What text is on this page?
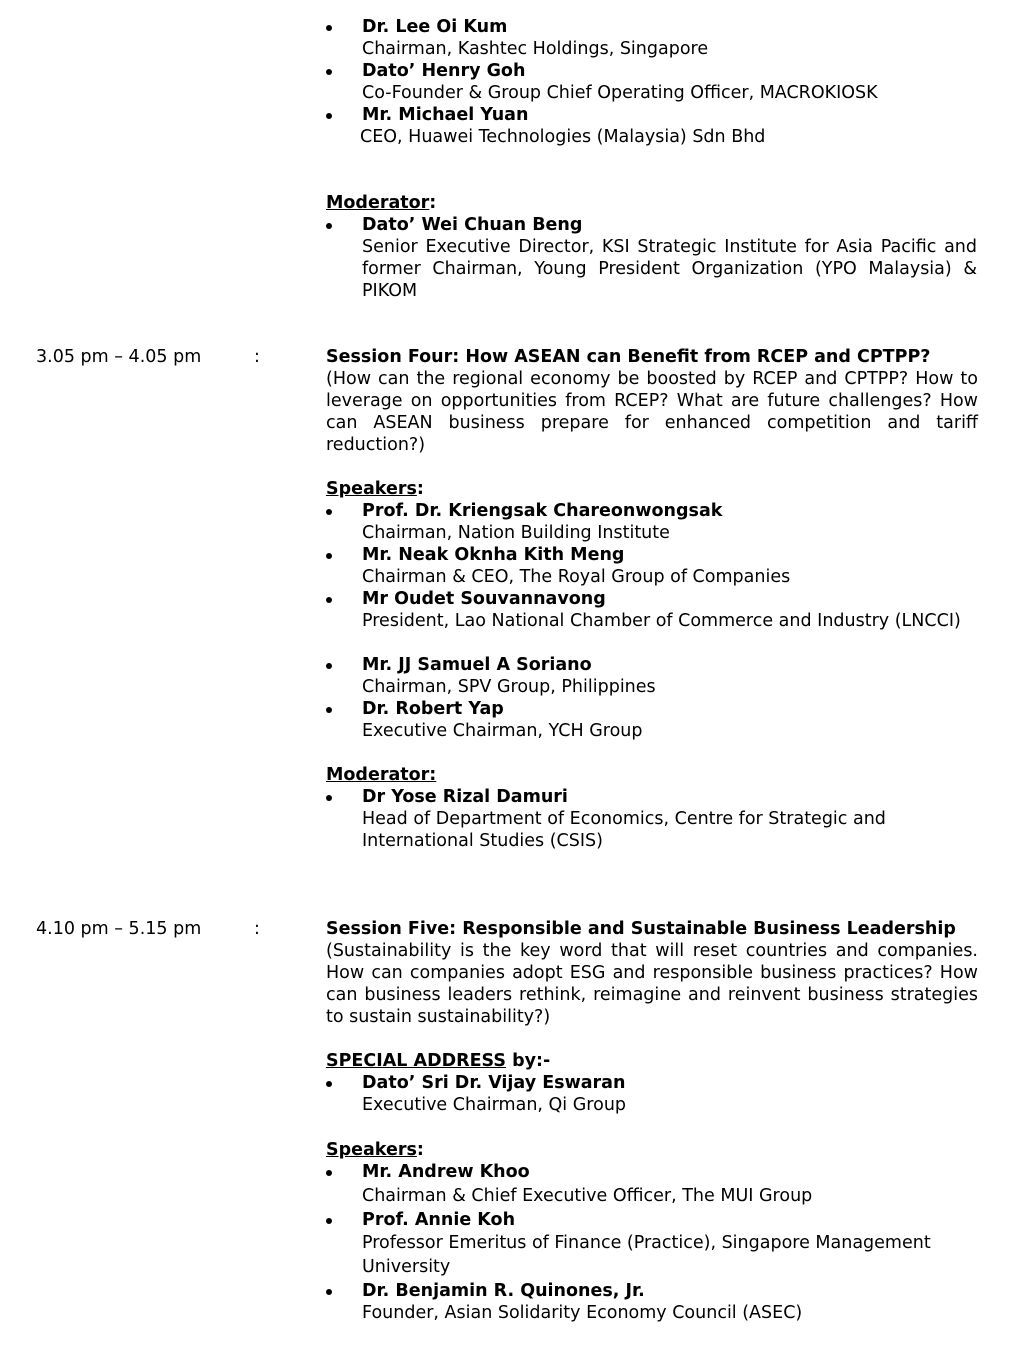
Dr. Lee Oi Kum
Chairman, Kashtec Holdings, Singapore
Dato’ Henry Goh
Co-Founder & Group Chief Operating Officer, MACROKIOSK
Mr. Michael Yuan
CEO, Huawei Technologies (Malaysia) Sdn Bhd
Moderator:
Dato’ Wei Chuan Beng
Senior Executive Director, KSI Strategic Institute for Asia Pacific and former Chairman, Young President Organization (YPO Malaysia) & PIKOM
3.05 pm – 4.05 pm	:	Session Four: How ASEAN can Benefit from RCEP and CPTPP?
(How can the regional economy be boosted by RCEP and CPTPP? How to leverage on opportunities from RCEP? What are future challenges? How can ASEAN business prepare for enhanced competition and tariff reduction?)
Speakers:
Prof. Dr. Kriengsak Chareonwongsak
Chairman, Nation Building Institute
Mr. Neak Oknha Kith Meng
Chairman & CEO, The Royal Group of Companies
Mr Oudet Souvannavong
President, Lao National Chamber of Commerce and Industry (LNCCI)
Mr. JJ Samuel A Soriano
Chairman, SPV Group, Philippines
Dr. Robert Yap
Executive Chairman, YCH Group
Moderator:
Dr Yose Rizal Damuri
Head of Department of Economics, Centre for Strategic and
International Studies (CSIS)
4.10 pm – 5.15 pm	:	Session Five: Responsible and Sustainable Business Leadership
(Sustainability is the key word that will reset countries and companies. How can companies adopt ESG and responsible business practices? How can business leaders rethink, reimagine and reinvent business strategies to sustain sustainability?)
SPECIAL ADDRESS by:-
Dato’ Sri Dr. Vijay Eswaran
Executive Chairman, Qi Group
Speakers:
Mr. Andrew Khoo
Chairman & Chief Executive Officer, The MUI Group
Prof. Annie Koh
Professor Emeritus of Finance (Practice), Singapore Management
University
Dr. Benjamin R. Quinones, Jr.
Founder, Asian Solidarity Economy Council (ASEC)
